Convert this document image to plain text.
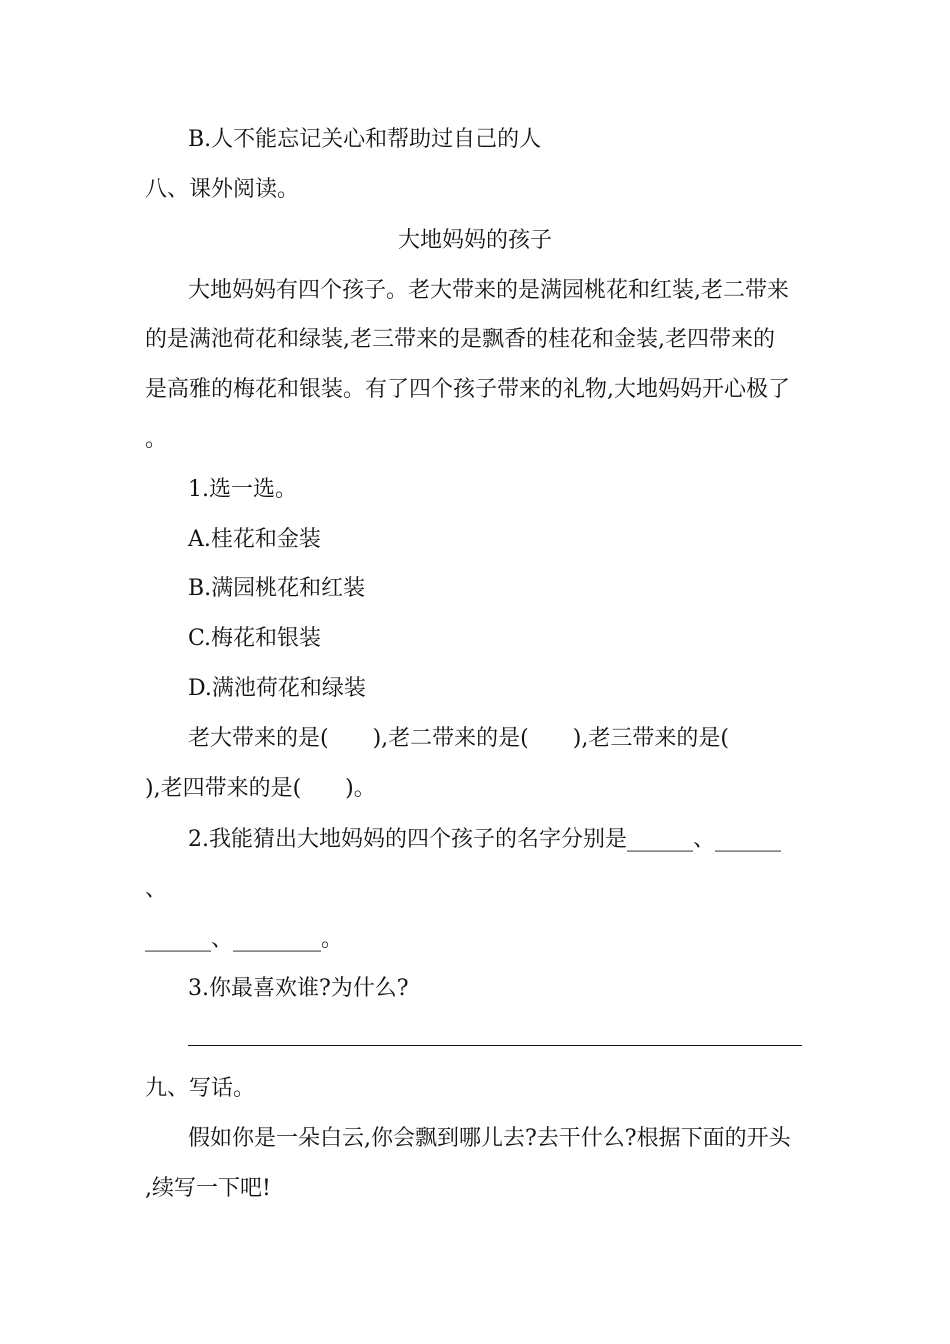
B.人不能忘记关心和帮助过自己的人
八、课外阅读。
大地妈妈的孩子
大地妈妈有四个孩子。老大带来的是满园桃花和红装,老二带来
的是满池荷花和绿装,老三带来的是飘香的桂花和金装,老四带来的
是高雅的梅花和银装。有了四个孩子带来的礼物,大地妈妈开心极了
。
1.选一选。
A.桂花和金装
B.满园桃花和红装
C.梅花和银装
D.满池荷花和绿装
老大带来的是(　　),老二带来的是(　　),老三带来的是(
),老四带来的是(　　)。
2.我能猜出大地妈妈的四个孩子的名字分别是______、______
、
______、________。
3.你最喜欢谁?为什么?
九、写话。
假如你是一朵白云,你会飘到哪儿去?去干什么?根据下面的开头
,续写一下吧!
